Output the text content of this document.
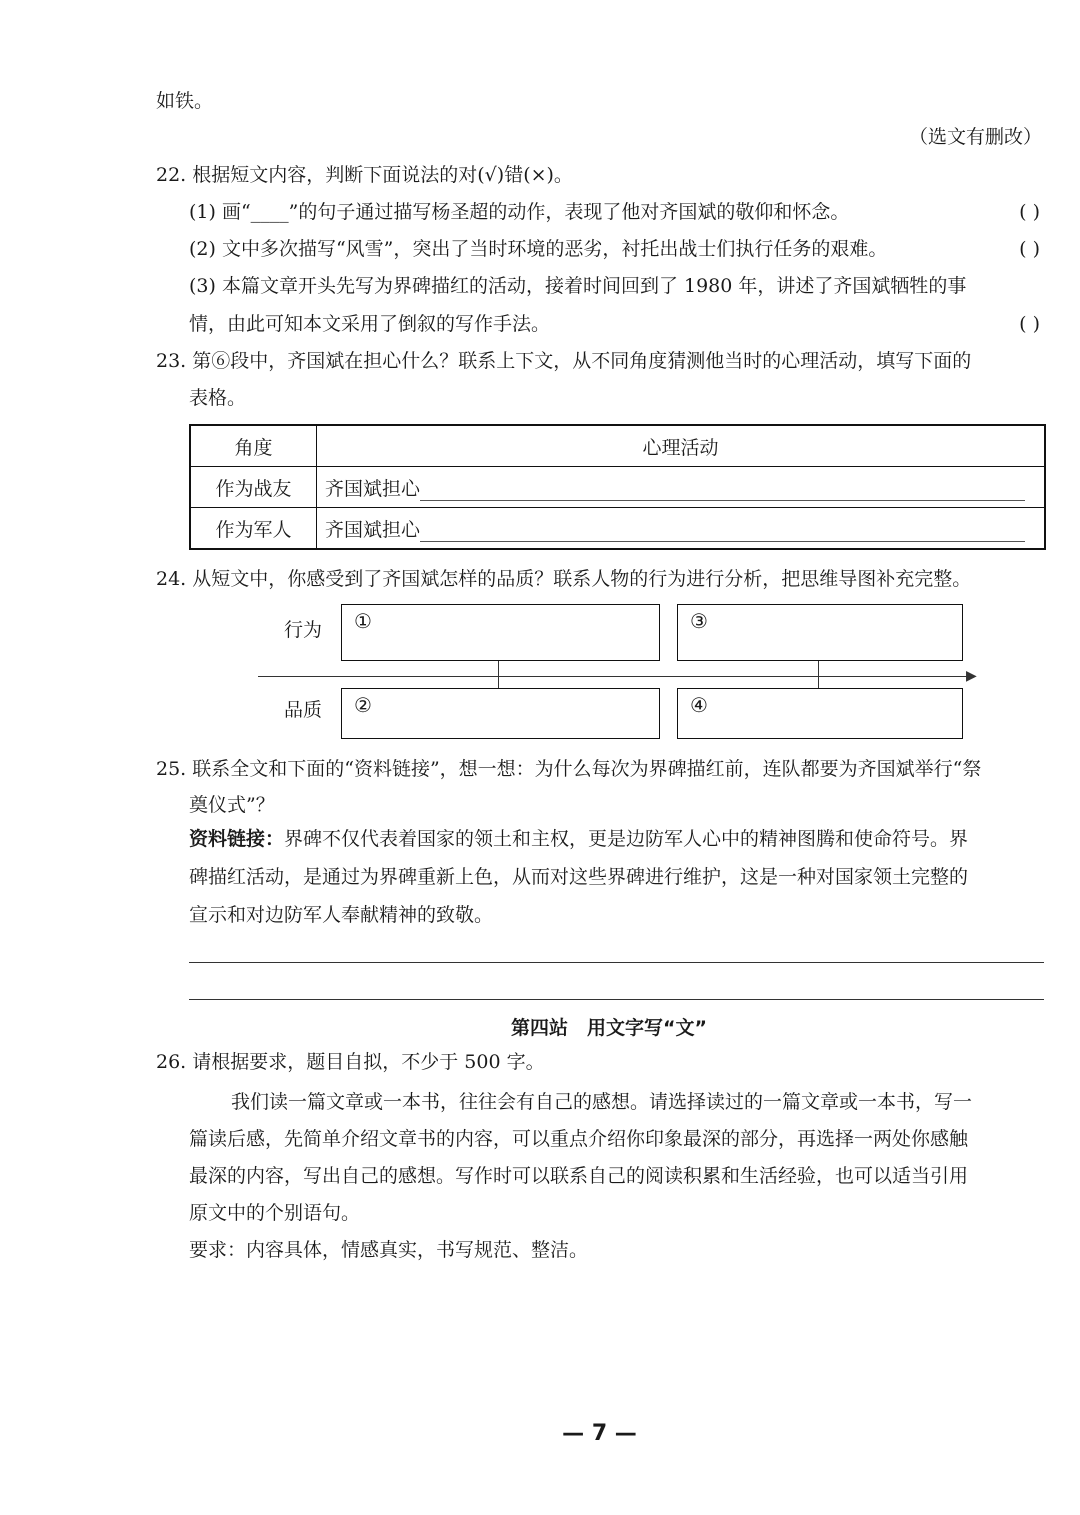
如铁。
（选文有删改）
22. 根据短文内容，判断下面说法的对(√)错(×)。
(1) 画“____”的句子通过描写杨圣超的动作，表现了他对齐国斌的敬仰和怀念。	( )
(2) 文中多次描写“风雪”，突出了当时环境的恶劣，衬托出战士们执行任务的艰难。	( )
(3) 本篇文章开头先写为界碑描红的活动，接着时间回到了 1980 年，讲述了齐国斌牺牲的事
情，由此可知本文采用了倒叙的写作手法。	( )
23. 第⑥段中，齐国斌在担心什么？联系上下文，从不同角度猜测他当时的心理活动，填写下面的
表格。
角度	心理活动
作为战友	齐国斌担心
作为军人	齐国斌担心
24. 从短文中，你感受到了齐国斌怎样的品质？联系人物的行为进行分析，把思维导图补充完整。
行为
品质
①	③
②	④
▶
25. 联系全文和下面的“资料链接”，想一想：为什么每次为界碑描红前，连队都要为齐国斌举行“祭
奠仪式”？
资料链接：界碑不仅代表着国家的领土和主权，更是边防军人心中的精神图腾和使命符号。界
碑描红活动，是通过为界碑重新上色，从而对这些界碑进行维护，这是一种对国家领土完整的
宣示和对边防军人奉献精神的致敬。
第四站　用文字写“文”
26. 请根据要求，题目自拟，不少于 500 字。
我们读一篇文章或一本书，往往会有自己的感想。请选择读过的一篇文章或一本书，写一
篇读后感，先简单介绍文章书的内容，可以重点介绍你印象最深的部分，再选择一两处你感触
最深的内容，写出自己的感想。写作时可以联系自己的阅读积累和生活经验，也可以适当引用
原文中的个别语句。
要求：内容具体，情感真实，书写规范、整洁。
— 7 —
